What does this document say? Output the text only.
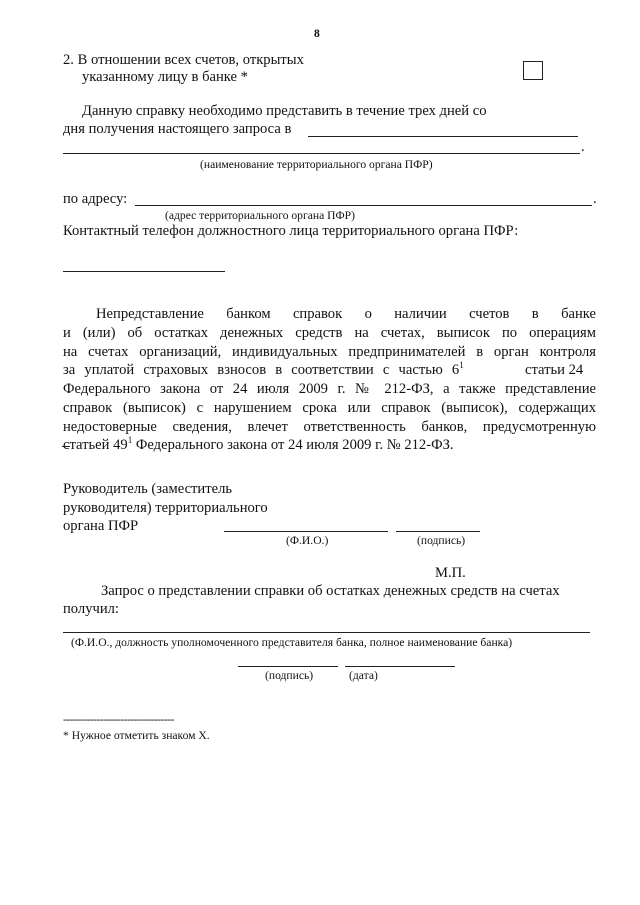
8
2. В отношении всех счетов, открытых
указанному лицу в банке *
Данную справку необходимо представить в течение трех дней со
дня получения настоящего запроса в
.
(наименование территориального органа ПФР)
по адресу:	.
(адрес территориального органа ПФР)
Контактный телефон должностного лица территориального органа ПФР:
Непредставление банком справок о наличии счетов в банке
и (или) об остатках денежных средств на счетах, выписок по операциям
на счетах организаций, индивидуальных предпринимателей в орган контроля
за уплатой страховых взносов в соответствии с частью $6^1$	статьи 24
Федерального закона от 24 июля 2009 г. № 212-ФЗ, а также представление
справок (выписок) с нарушением срока или справок (выписок), содержащих
недостоверные сведения, влечет ответственность банков, предусмотренную
статьей $49^1$ Федерального закона от 24 июля 2009 г. № 212-ФЗ.
Руководитель (заместитель
руководителя) территориального
органа ПФР
(Ф.И.О.)	(подпись)
М.П.
Запрос о представлении справки об остатках денежных средств на счетах
получил:
(Ф.И.О., должность уполномоченного представителя банка, полное наименование банка)
(подпись)	(дата)
---------------------------------
* Нужное отметить знаком X.
